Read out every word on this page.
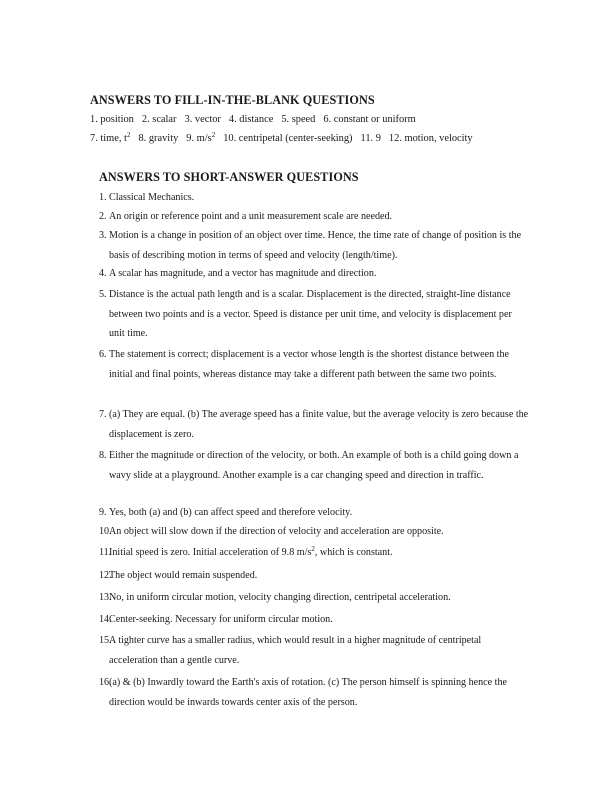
ANSWERS TO FILL-IN-THE-BLANK QUESTIONS
1. position 2. scalar 3. vector 4. distance 5. speed 6. constant or uniform
7. time, $t^2$ 8. gravity 9. $m/s^2$ 10. centripetal (center-seeking) 11. 9 12. motion, velocity
ANSWERS TO SHORT-ANSWER QUESTIONS
1. Classical Mechanics.
2. An origin or reference point and a unit measurement scale are needed.
3. Motion is a change in position of an object over time. Hence, the time rate of change of position is the basis of describing motion in terms of speed and velocity (length/time).
4. A scalar has magnitude, and a vector has magnitude and direction.
5. Distance is the actual path length and is a scalar. Displacement is the directed, straight-line distance between two points and is a vector. Speed is distance per unit time, and velocity is displacement per unit time.
6. The statement is correct; displacement is a vector whose length is the shortest distance between the initial and final points, whereas distance may take a different path between the same two points.
7. (a) They are equal. (b) The average speed has a finite value, but the average velocity is zero because the displacement is zero.
8. Either the magnitude or direction of the velocity, or both. An example of both is a child going down a wavy slide at a playground. Another example is a car changing speed and direction in traffic.
9. Yes, both (a) and (b) can affect speed and therefore velocity.
10.
An object will slow down if the direction of velocity and acceleration are opposite.
11.
Initial speed is zero. Initial acceleration of 9.8 $m/s^2$, which is constant.
12.
The object would remain suspended.
13.
No, in uniform circular motion, velocity changing direction, centripetal acceleration.
14.
Center-seeking. Necessary for uniform circular motion.
15.
A tighter curve has a smaller radius, which would result in a higher magnitude of centripetal acceleration than a gentle curve.
16.
(a) & (b) Inwardly toward the Earth's axis of rotation. (c) The person himself is spinning hence the direction would be inwards towards center axis of the person.
